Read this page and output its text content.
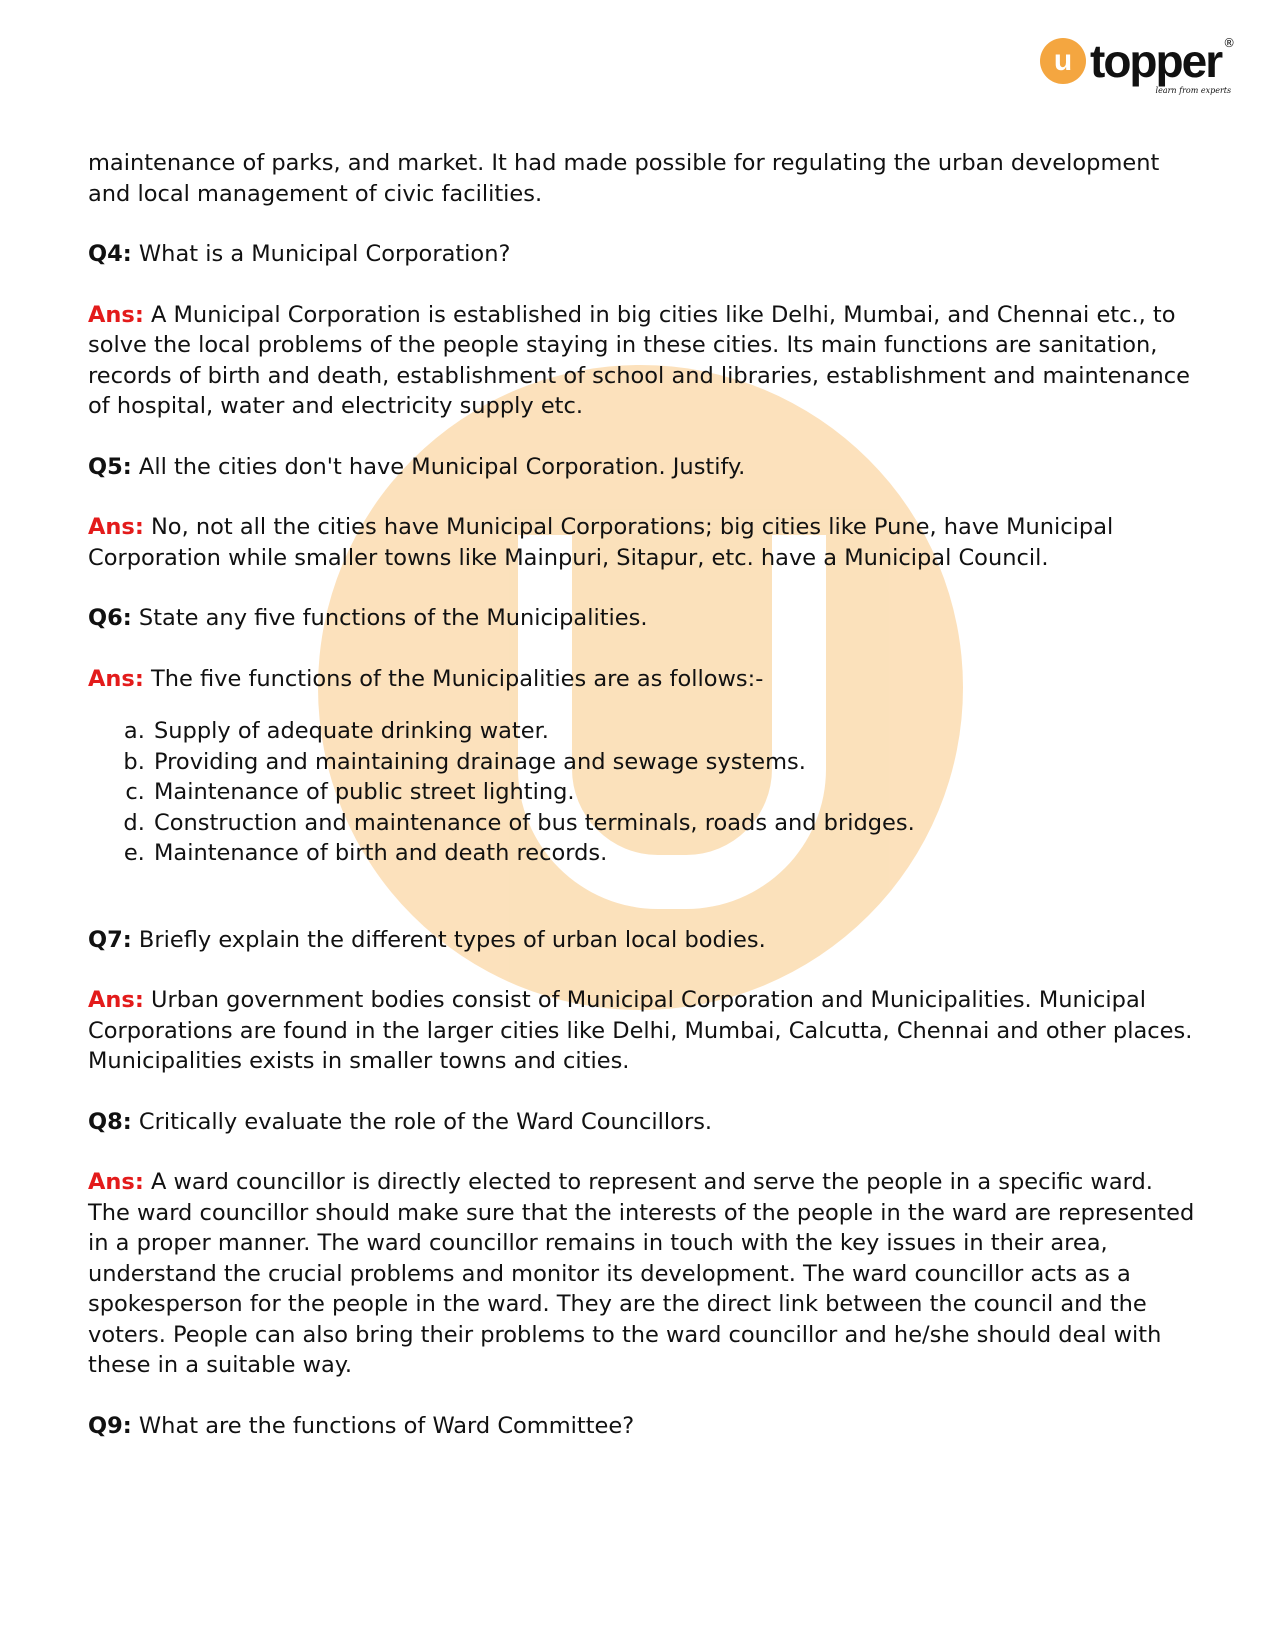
u topper ®
learn from experts

maintenance of parks, and market. It had made possible for regulating the urban development and local management of civic facilities.

Q4: What is a Municipal Corporation?

Ans: A Municipal Corporation is established in big cities like Delhi, Mumbai, and Chennai etc., to solve the local problems of the people staying in these cities. Its main functions are sanitation, records of birth and death, establishment of school and libraries, establishment and maintenance of hospital, water and electricity supply etc.

Q5: All the cities don't have Municipal Corporation. Justify.

Ans: No, not all the cities have Municipal Corporations; big cities like Pune, have Municipal Corporation while smaller towns like Mainpuri, Sitapur, etc. have a Municipal Council.

Q6: State any five functions of the Municipalities.

Ans: The five functions of the Municipalities are as follows:-

a. Supply of adequate drinking water.
b. Providing and maintaining drainage and sewage systems.
c. Maintenance of public street lighting.
d. Construction and maintenance of bus terminals, roads and bridges.
e. Maintenance of birth and death records.

Q7: Briefly explain the different types of urban local bodies.

Ans: Urban government bodies consist of Municipal Corporation and Municipalities. Municipal Corporations are found in the larger cities like Delhi, Mumbai, Calcutta, Chennai and other places. Municipalities exists in smaller towns and cities.

Q8: Critically evaluate the role of the Ward Councillors.

Ans: A ward councillor is directly elected to represent and serve the people in a specific ward. The ward councillor should make sure that the interests of the people in the ward are represented in a proper manner. The ward councillor remains in touch with the key issues in their area, understand the crucial problems and monitor its development. The ward councillor acts as a spokesperson for the people in the ward. They are the direct link between the council and the voters. People can also bring their problems to the ward councillor and he/she should deal with these in a suitable way.

Q9: What are the functions of Ward Committee?
